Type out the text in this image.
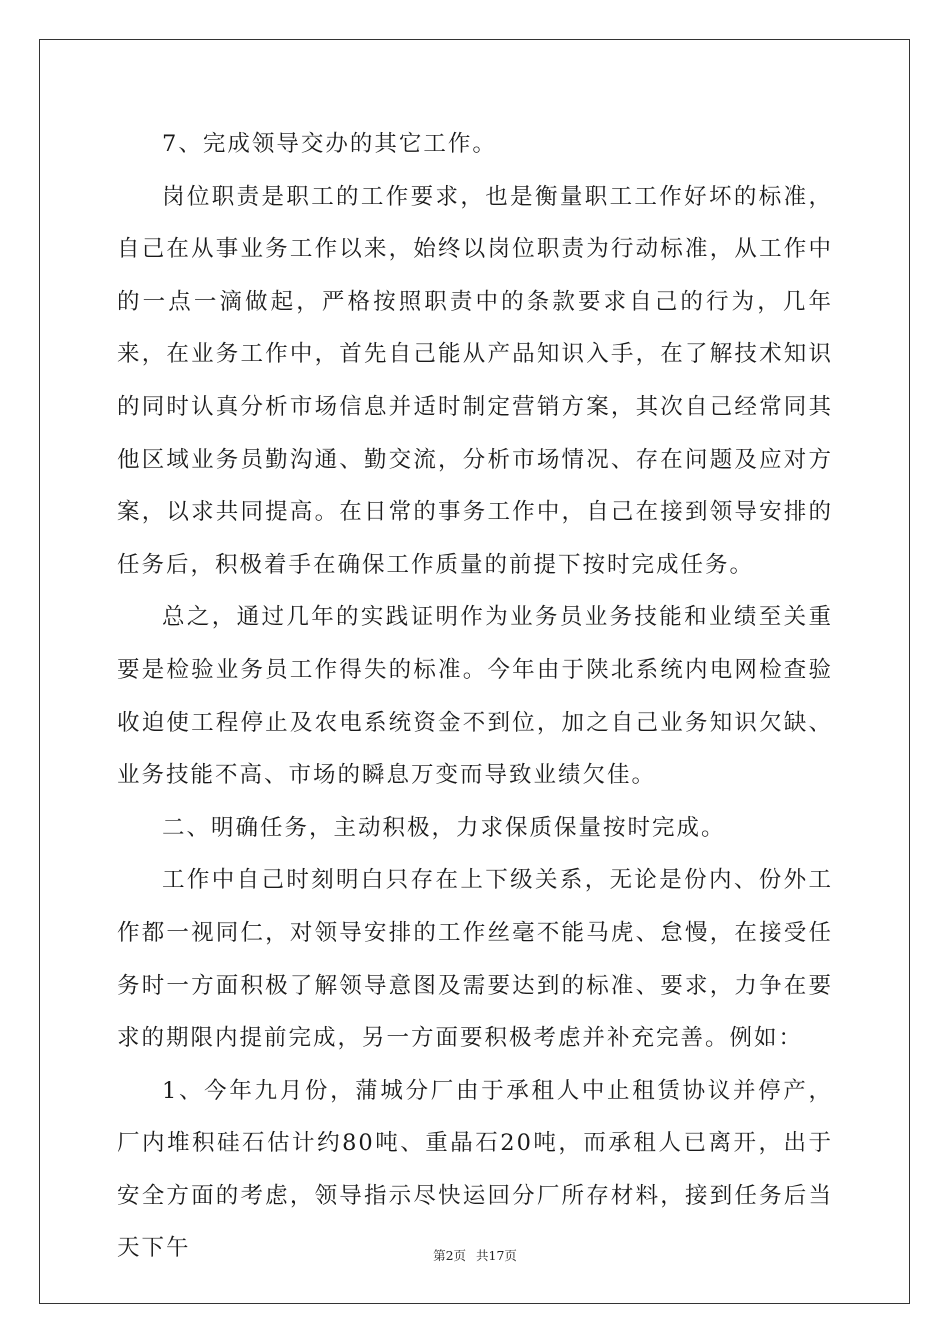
7、完成领导交办的其它工作。

岗位职责是职工的工作要求，也是衡量职工工作好坏的标准，自己在从事业务工作以来，始终以岗位职责为行动标准，从工作中的一点一滴做起，严格按照职责中的条款要求自己的行为，几年来，在业务工作中，首先自己能从产品知识入手，在了解技术知识的同时认真分析市场信息并适时制定营销方案，其次自己经常同其他区域业务员勤沟通、勤交流，分析市场情况、存在问题及应对方案，以求共同提高。在日常的事务工作中，自己在接到领导安排的任务后，积极着手在确保工作质量的前提下按时完成任务。

总之，通过几年的实践证明作为业务员业务技能和业绩至关重要是检验业务员工作得失的标准。今年由于陕北系统内电网检查验收迫使工程停止及农电系统资金不到位，加之自己业务知识欠缺、业务技能不高、市场的瞬息万变而导致业绩欠佳。

二、明确任务，主动积极，力求保质保量按时完成。

工作中自己时刻明白只存在上下级关系，无论是份内、份外工作都一视同仁，对领导安排的工作丝毫不能马虎、怠慢，在接受任务时一方面积极了解领导意图及需要达到的标准、要求，力争在要求的期限内提前完成，另一方面要积极考虑并补充完善。例如：

1、今年九月份，蒲城分厂由于承租人中止租赁协议并停产，厂内堆积硅石估计约80吨、重晶石20吨，而承租人已离开，出于安全方面的考虑，领导指示尽快运回分厂所存材料，接到任务后当天下午	第2页 共17页
